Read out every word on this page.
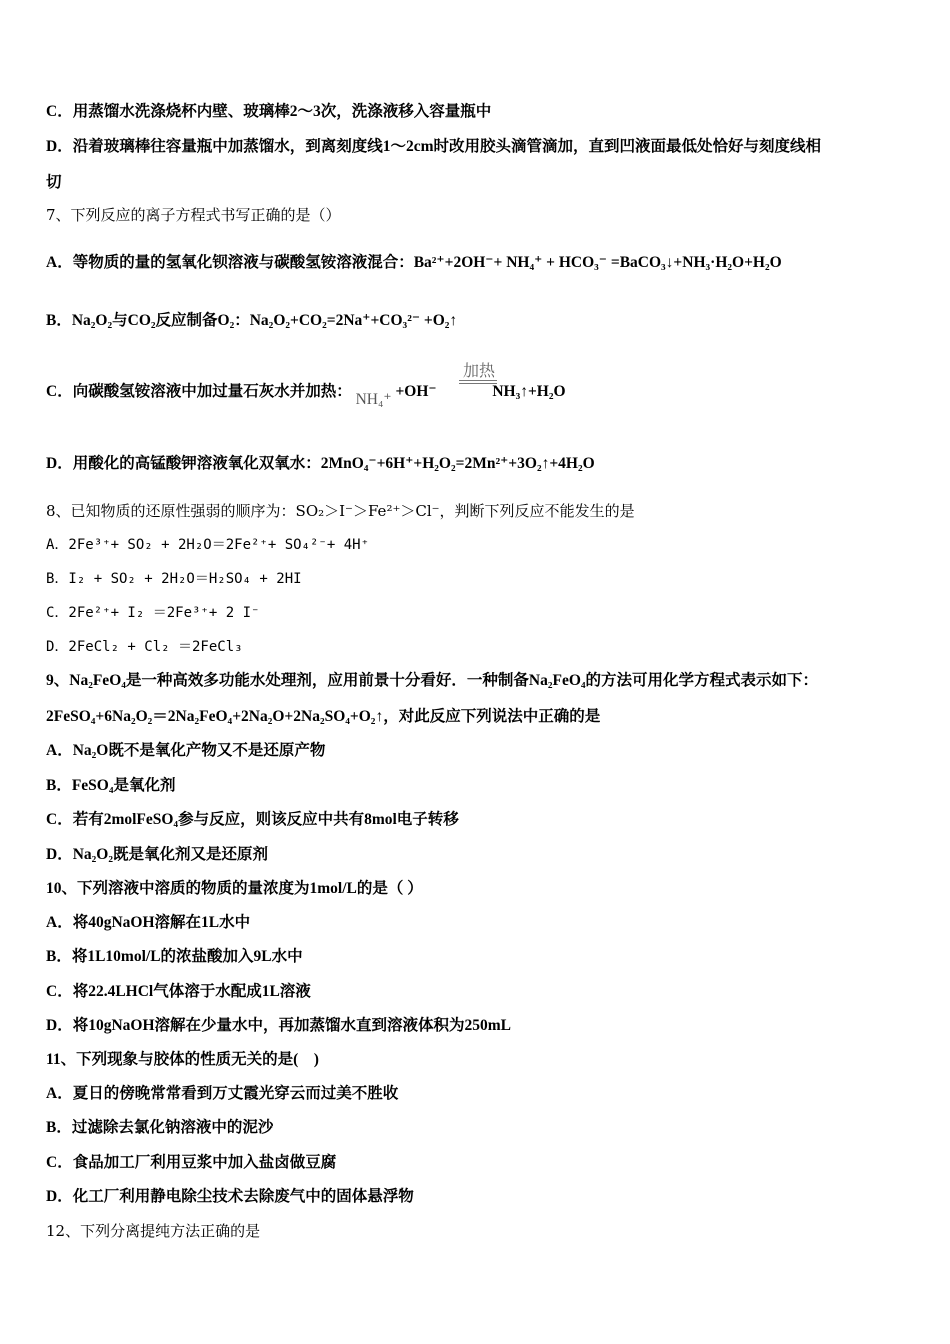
C．用蒸馏水洗涤烧杯内壁、玻璃棒2～3次，洗涤液移入容量瓶中
D．沿着玻璃棒往容量瓶中加蒸馏水，到离刻度线1～2cm时改用胶头滴管滴加，直到凹液面最低处恰好与刻度线相
切
7、下列反应的离子方程式书写正确的是（）
A．等物质的量的氢氧化钡溶液与碳酸氢铵溶液混合：Ba²⁺+2OH⁻+ NH₄⁺ + HCO₃⁻ =BaCO₃↓+NH₃·H₂O+H₂O
B．Na₂O₂与CO₂反应制备O₂：Na₂O₂+CO₂=2Na⁺+CO₃²⁻ +O₂↑
C．向碳酸氢铵溶液中加过量石灰水并加热： NH₄⁺ +OH⁻	NH₃↑+H₂O
加热
D．用酸化的高锰酸钾溶液氧化双氧水：2MnO₄⁻+6H⁺+H₂O₂=2Mn²⁺+3O₂↑+4H₂O
8、已知物质的还原性强弱的顺序为：SO₂＞I⁻＞Fe²⁺＞Cl⁻，判断下列反应不能发生的是
A．2Fe³⁺+ SO₂ + 2H₂O＝2Fe²⁺+ SO₄²⁻+ 4H⁺
B．I₂ + SO₂ + 2H₂O＝H₂SO₄ + 2HI
C．2Fe²⁺+ I₂ ＝2Fe³⁺+ 2 I⁻
D．2FeCl₂ + Cl₂ ＝2FeCl₃
9、Na₂FeO₄是一种高效多功能水处理剂，应用前景十分看好．一种制备Na₂FeO₄的方法可用化学方程式表示如下：
2FeSO₄+6Na₂O₂＝2Na₂FeO₄+2Na₂O+2Na₂SO₄+O₂↑，对此反应下列说法中正确的是
A．Na₂O既不是氧化产物又不是还原产物
B．FeSO₄是氧化剂
C．若有2molFeSO₄参与反应，则该反应中共有8mol电子转移
D．Na₂O₂既是氧化剂又是还原剂
10、下列溶液中溶质的物质的量浓度为1mol/L的是（ ）
A．将40gNaOH溶解在1L水中
B．将1L10mol/L的浓盐酸加入9L水中
C．将22.4LHCl气体溶于水配成1L溶液
D．将10gNaOH溶解在少量水中，再加蒸馏水直到溶液体积为250mL
11、下列现象与胶体的性质无关的是(　)
A．夏日的傍晚常常看到万丈霞光穿云而过美不胜收
B．过滤除去氯化钠溶液中的泥沙
C．食品加工厂利用豆浆中加入盐卤做豆腐
D．化工厂利用静电除尘技术去除废气中的固体悬浮物
12、下列分离提纯方法正确的是
